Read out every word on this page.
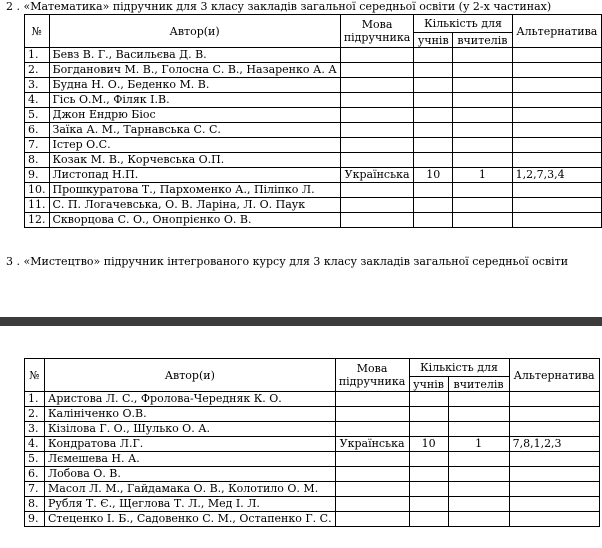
2 . «Математика» підручник для 3 класу закладів загальної середньої освіти (у 2-х частинах)
№	Автор(и)	Мова підручника	Кількість для		Альтернатива
			учнів	вчителів	
1.	Бевз В. Г., Васильєва Д. В.				
2.	Богданович М. В., Голосна С. В., Назаренко А. А				
3.	Будна Н. О., Беденко М. В.				
4.	Гісь О.М., Філяк І.В.				
5.	Джон Ендрю Біос				
6.	Заїка А. М., Тарнавська С. С.				
7.	Істер О.С.				
8.	Козак М. В., Корчевська О.П.				
9.	Листопад Н.П.	Українська	10	1	1,2,7,3,4
10.	Прошкуратова Т., Пархоменко А., Піліпко Л.				
11.	С. П. Логачевська, О. В. Ларіна, Л. О. Паук				
12.	Скворцова С. О., Онопрієнко О. В.				
3 . «Мистецтво» підручник інтегрованого курсу для 3 класу закладів загальної середньої освіти
№	Автор(и)	Мова підручника	Кількість для		Альтернатива
			учнів	вчителів	
1.	Аристова Л. С., Фролова-Чередняк К. О.				
2.	Калініченко О.В.				
3.	Кізілова Г. О., Шулько О. А.				
4.	Кондратова Л.Г.	Українська	10	1	7,8,1,2,3
5.	Лємешева Н. А.				
6.	Лобова О. В.				
7.	Масол Л. М., Гайдамака О. В., Колотило О. М.				
8.	Рубля Т. Є., Щеглова Т. Л., Мед І. Л.				
9.	Стеценко І. Б., Садовенко С. М., Остапенко Г. С.				
